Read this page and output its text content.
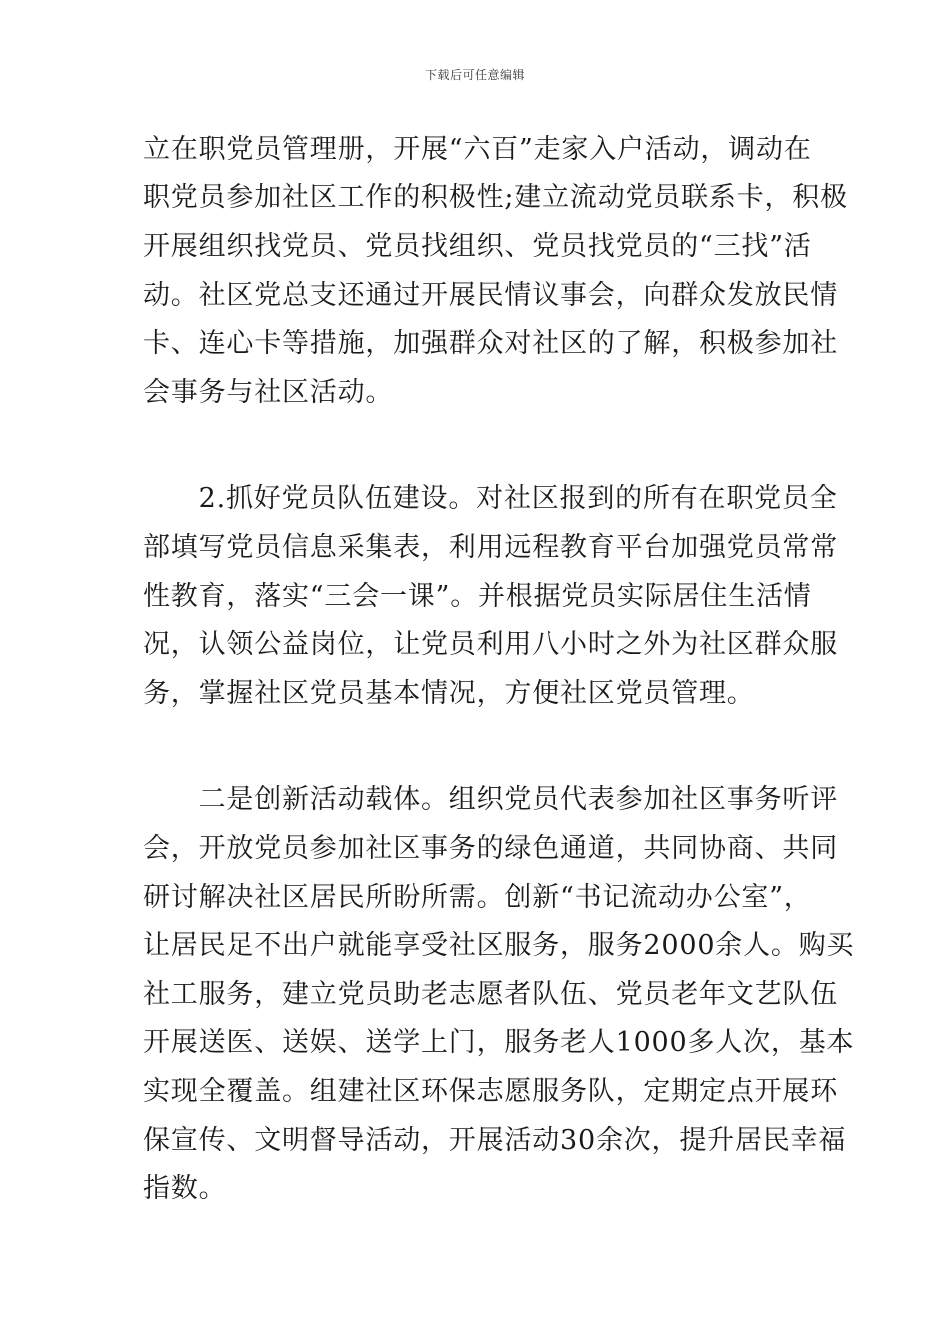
下载后可任意编辑
立在职党员管理册，开展“六百”走家入户活动，调动在
职党员参加社区工作的积极性;建立流动党员联系卡，积极
开展组织找党员、党员找组织、党员找党员的“三找”活
动。社区党总支还通过开展民情议事会，向群众发放民情
卡、连心卡等措施，加强群众对社区的了解，积极参加社
会事务与社区活动。
　　2.抓好党员队伍建设。对社区报到的所有在职党员全
部填写党员信息采集表，利用远程教育平台加强党员常常
性教育，落实“三会一课”。并根据党员实际居住生活情
况，认领公益岗位，让党员利用八小时之外为社区群众服
务，掌握社区党员基本情况，方便社区党员管理。
　　二是创新活动载体。组织党员代表参加社区事务听评
会，开放党员参加社区事务的绿色通道，共同协商、共同
研讨解决社区居民所盼所需。创新“书记流动办公室”，
让居民足不出户就能享受社区服务，服务2000余人。购买
社工服务，建立党员助老志愿者队伍、党员老年文艺队伍
开展送医、送娱、送学上门，服务老人1000多人次，基本
实现全覆盖。组建社区环保志愿服务队，定期定点开展环
保宣传、文明督导活动，开展活动30余次，提升居民幸福
指数。
